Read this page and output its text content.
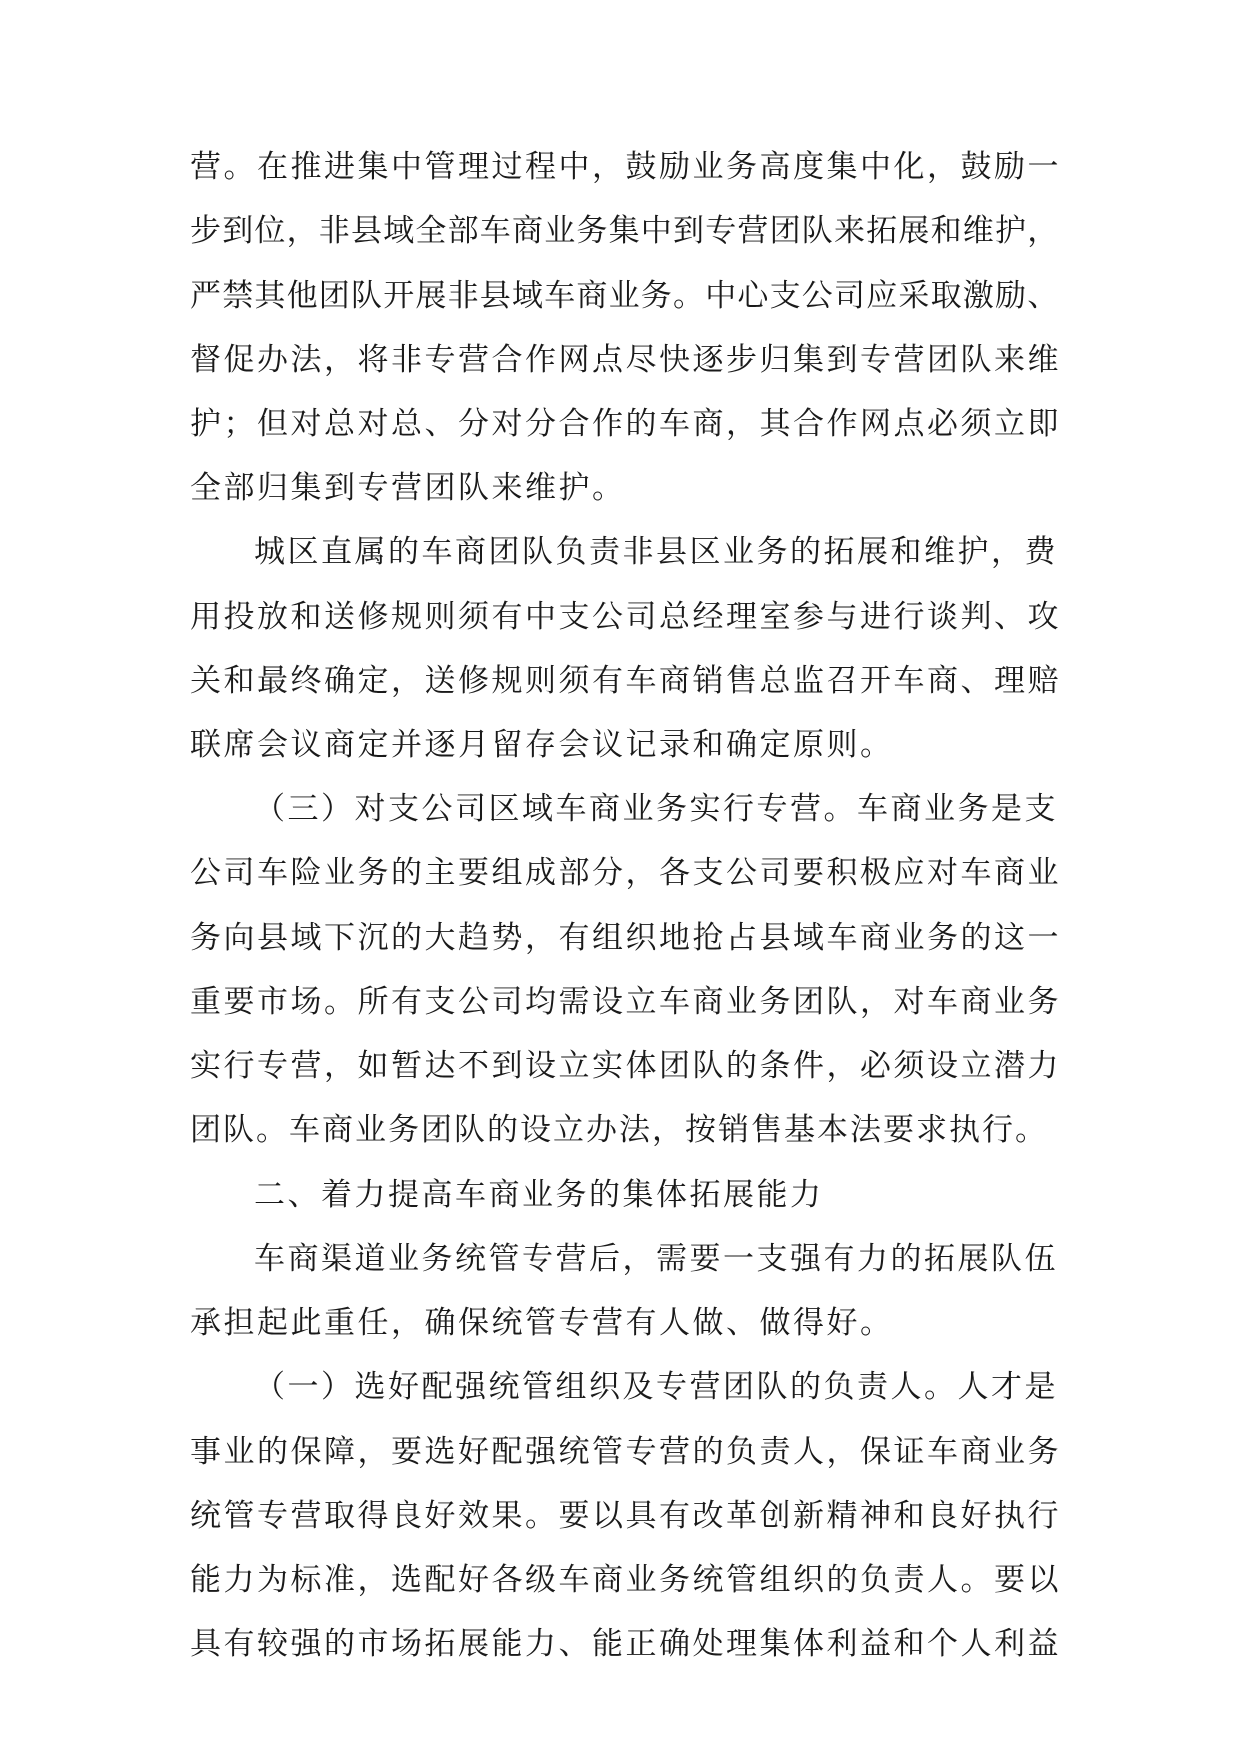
营。在推进集中管理过程中，鼓励业务高度集中化，鼓励一

步到位，非县域全部车商业务集中到专营团队来拓展和维护，

严禁其他团队开展非县域车商业务。中心支公司应采取激励、

督促办法，将非专营合作网点尽快逐步归集到专营团队来维

护；但对总对总、分对分合作的车商，其合作网点必须立即

全部归集到专营团队来维护。

城区直属的车商团队负责非县区业务的拓展和维护，费

用投放和送修规则须有中支公司总经理室参与进行谈判、攻

关和最终确定，送修规则须有车商销售总监召开车商、理赔

联席会议商定并逐月留存会议记录和确定原则。

（三）对支公司区域车商业务实行专营。车商业务是支

公司车险业务的主要组成部分，各支公司要积极应对车商业

务向县域下沉的大趋势，有组织地抢占县域车商业务的这一

重要市场。所有支公司均需设立车商业务团队，对车商业务

实行专营，如暂达不到设立实体团队的条件，必须设立潜力

团队。车商业务团队的设立办法，按销售基本法要求执行。

二、着力提高车商业务的集体拓展能力

车商渠道业务统管专营后，需要一支强有力的拓展队伍

承担起此重任，确保统管专营有人做、做得好。

（一）选好配强统管组织及专营团队的负责人。人才是

事业的保障，要选好配强统管专营的负责人，保证车商业务

统管专营取得良好效果。要以具有改革创新精神和良好执行

能力为标准，选配好各级车商业务统管组织的负责人。要以

具有较强的市场拓展能力、能正确处理集体利益和个人利益
